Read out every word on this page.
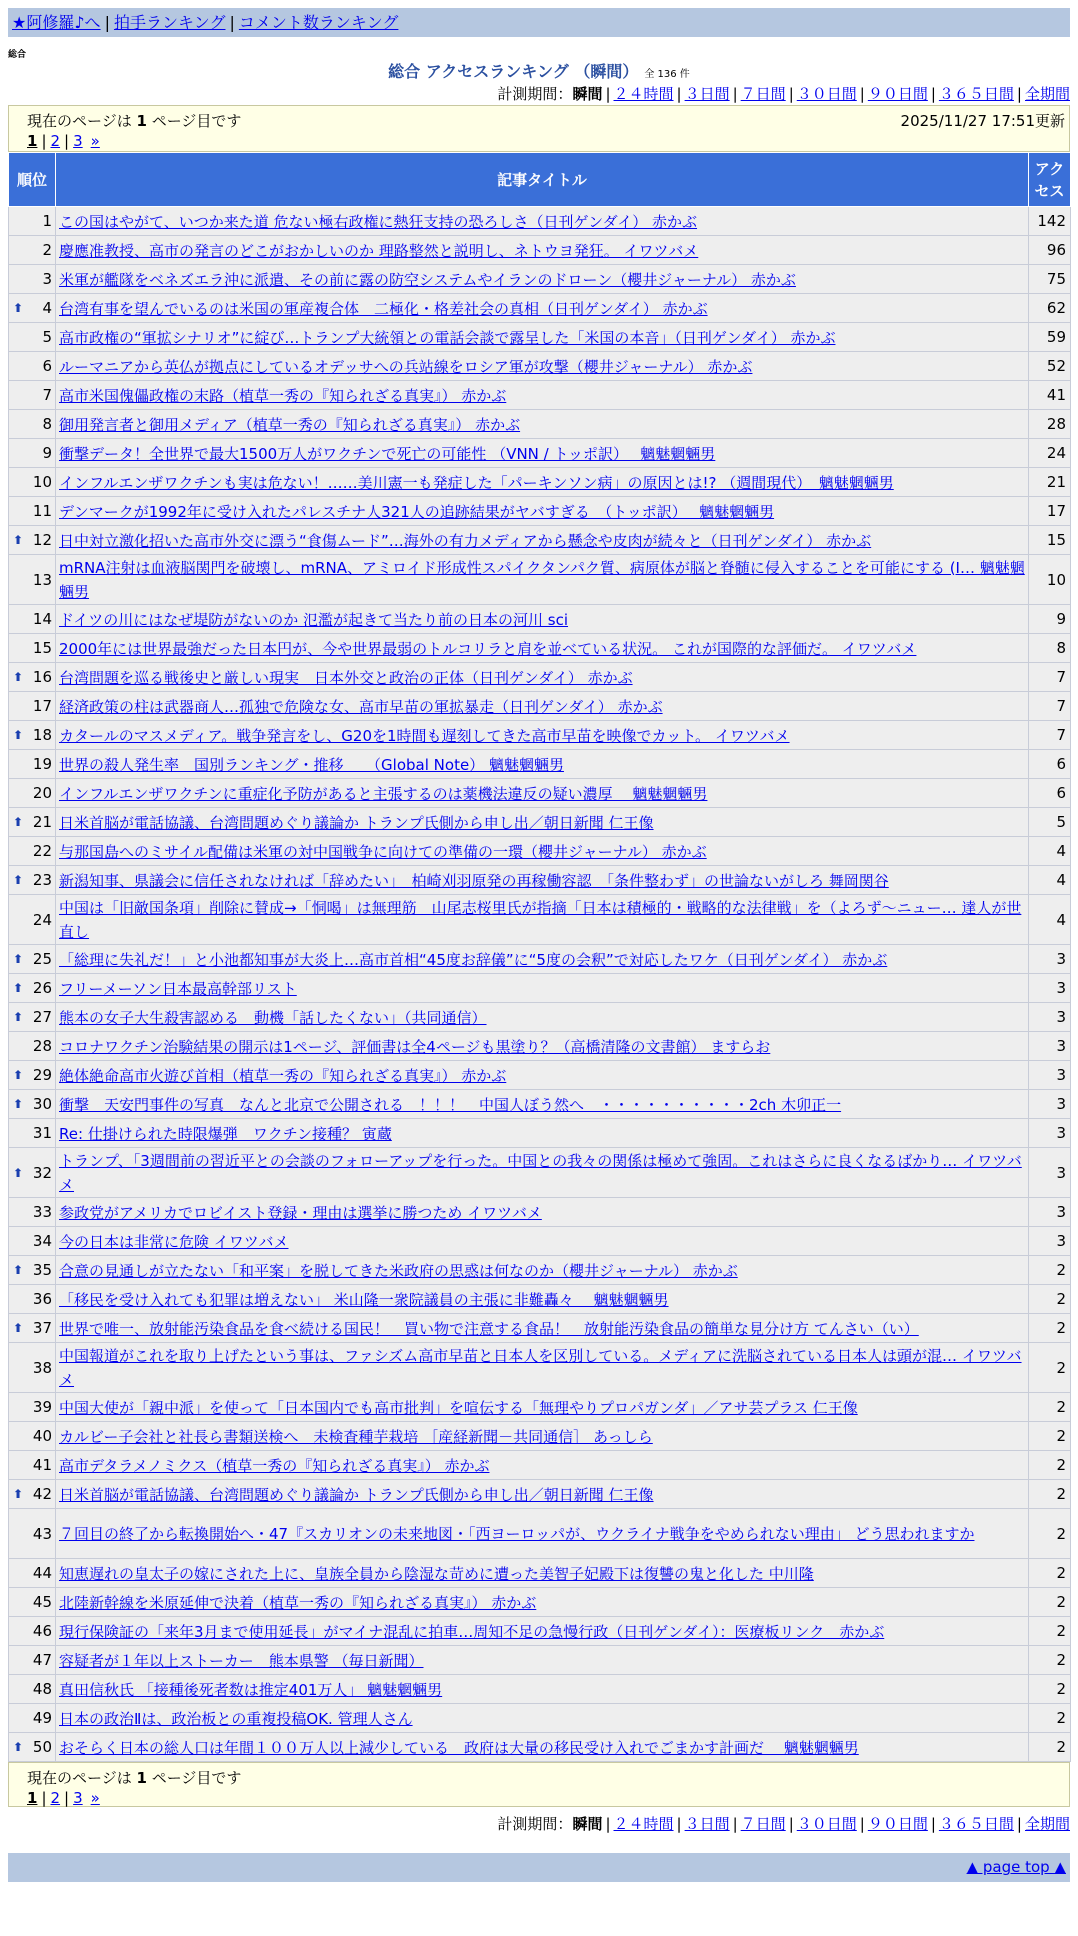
★阿修羅♪へ | 拍手ランキング | コメント数ランキング
総合
総合 アクセスランキング （瞬間） 全 136 件
計測期間：瞬間 | ２４時間 | ３日間 | ７日間 | ３０日間 | ９０日間 | ３６５日間 | 全期間
現在のページは 1 ページ目です	2025/11/27 17:51更新
1 | 2 | 3 »
順位	記事タイトル	アクセス
1	この国はやがて、いつか来た道 危ない極右政権に熱狂支持の恐ろしさ（日刊ゲンダイ） 赤かぶ	142
2	慶應准教授、高市の発言のどこがおかしいのか 理路整然と説明し、ネトウヨ発狂。 イワツバメ	96
3	米軍が艦隊をベネズエラ沖に派遣、その前に露の防空システムやイランのドローン（櫻井ジャーナル） 赤かぶ	75

⬆ 4	台湾有事を望んでいるのは米国の軍産複合体　二極化・格差社会の真相（日刊ゲンダイ） 赤かぶ	62
5	高市政権の“軍拡シナリオ”に綻び…トランプ大統領との電話会談で露呈した「米国の本音」（日刊ゲンダイ） 赤かぶ	59
6	ルーマニアから英仏が拠点にしているオデッサへの兵站線をロシア軍が攻撃（櫻井ジャーナル） 赤かぶ	52
7	高市米国傀儡政権の末路（植草一秀の『知られざる真実』） 赤かぶ	41
8	御用発言者と御用メディア（植草一秀の『知られざる真実』） 赤かぶ	28
9	衝撃データ！全世界で最大1500万人がワクチンで死亡の可能性 （VNN / トッポ訳）　 魑魅魍魎男	24
10	インフルエンザワクチンも実は危ない！……美川憲一も発症した「パーキンソン病」の原因とは!? （週間現代）　魑魅魍魎男	21
11	デンマークが1992年に受け入れたパレスチナ人321人の追跡結果がヤバすぎる　（トッポ訳）　 魑魅魍魎男	17

⬆ 12	日中対立激化招いた高市外交に漂う“食傷ムード”…海外の有力メディアから懸念や皮肉が続々と（日刊ゲンダイ） 赤かぶ	15
13	mRNA注射は血液脳関門を破壊し、mRNA、アミロイド形成性スパイクタンパク質、病原体が脳と脊髄に侵入することを可能にする (I… 魑魅魍魎男	10
14	ドイツの川にはなぜ堤防がないのか 氾濫が起きて当たり前の日本の河川 sci	9
15	2000年には世界最強だった日本円が、今や世界最弱のトルコリラと肩を並べている状況。 これが国際的な評価だ。 イワツバメ	8

⬆ 16	台湾問題を巡る戦後史と厳しい現実　日本外交と政治の正体（日刊ゲンダイ） 赤かぶ	7
17	経済政策の柱は武器商人…孤独で危険な女、高市早苗の軍拡暴走（日刊ゲンダイ） 赤かぶ	7

⬆ 18	カタールのマスメディア。戦争発言をし、G20を1時間も遅刻してきた高市早苗を映像でカット。 イワツバメ	7
19	世界の殺人発生率　国別ランキング・推移　　（Global Note） 魑魅魍魎男	6
20	インフルエンザワクチンに重症化予防があると主張するのは薬機法違反の疑い濃厚　 魑魅魍魎男	6

⬆ 21	日米首脳が電話協議、台湾問題めぐり議論か トランプ氏側から申し出／朝日新聞 仁王像	5
22	与那国島へのミサイル配備は米軍の対中国戦争に向けての準備の一環（櫻井ジャーナル） 赤かぶ	4

⬆ 23	新潟知事、県議会に信任されなければ「辞めたい」　柏崎刈羽原発の再稼働容認　「条件整わず」の世論ないがしろ 舞岡関谷	4
24	中国は「旧敵国条項」削除に賛成→「恫喝」は無理筋　山尾志桜里氏が指摘「日本は積極的・戦略的な法律戦」を（よろず～ニュー… 達人が世直し	4

⬆ 25	「総理に失礼だ！」と小池都知事が大炎上…高市首相“45度お辞儀”に“5度の会釈”で対応したワケ（日刊ゲンダイ） 赤かぶ	3

⬆ 26	フリーメーソン日本最高幹部リスト	3

⬆ 27	熊本の女子大生殺害認める　動機「話したくない」（共同通信）	3
28	コロナワクチン治験結果の開示は1ページ、評価書は全4ページも黒塗り？（高橋清隆の文書館） ますらお	3

⬆ 29	絶体絶命高市火遊び首相（植草一秀の『知られざる真実』） 赤かぶ	3

⬆ 30	衝撃　天安門事件の写真　なんと北京で公開される　！！！　中国人ぼう然へ　・・・・・・・・・・2ch 木卯正一	3
31	Re: 仕掛けられた時限爆弾　ワクチン接種？ 寅蔵	3

⬆ 32	トランプ、「3週間前の習近平との会談のフォローアップを行った。中国との我々の関係は極めて強固。これはさらに良くなるばかり… イワツバメ	3
33	参政党がアメリカでロビイスト登録・理由は選挙に勝つため イワツバメ	3
34	今の日本は非常に危険 イワツバメ	3

⬆ 35	合意の見通しが立たない「和平案」を脱してきた米政府の思惑は何なのか（櫻井ジャーナル） 赤かぶ	2
36	「移民を受け入れても犯罪は増えない」 米山隆一衆院議員の主張に非難轟々　 魑魅魍魎男	2

⬆ 37	世界で唯一、放射能汚染食品を食べ続ける国民！　買い物で注意する食品！　放射能汚染食品の簡単な見分け方 てんさい（い）	2
38	中国報道がこれを取り上げたという事は、ファシズム高市早苗と日本人を区別している。メディアに洗脳されている日本人は頭が混… イワツバメ	2
39	中国大使が「親中派」を使って「日本国内でも高市批判」を喧伝する「無理やりプロパガンダ」／アサ芸プラス 仁王像	2
40	カルビー子会社と社長ら書類送検へ　未検査種芋栽培 ［産経新聞－共同通信］ あっしら	2
41	高市デタラメノミクス（植草一秀の『知られざる真実』） 赤かぶ	2

⬆ 42	日米首脳が電話協議、台湾問題めぐり議論か トランプ氏側から申し出／朝日新聞 仁王像	2
43	７回目の終了から転換開始へ・47『スカリオンの未来地図・「西ヨーロッパが、ウクライナ戦争をやめられない理由」 どう思われますか	2
44	知恵遅れの皇太子の嫁にされた上に、皇族全員から陰湿な苛めに遭った美智子妃殿下は復讐の鬼と化した 中川隆	2
45	北陸新幹線を米原延伸で決着（植草一秀の『知られざる真実』） 赤かぶ	2
46	現行保険証の「来年3月まで使用延長」がマイナ混乱に拍車…周知不足の急慢行政（日刊ゲンダイ）：医療板リンク　赤かぶ	2
47	容疑者が１年以上ストーカー　熊本県警 （毎日新聞）	2
48	真田信秋氏 「接種後死者数は推定401万人」 魑魅魍魎男	2
49	日本の政治Ⅱは、政治板との重複投稿OK. 管理人さん	2

⬆ 50	おそらく日本の総人口は年間１００万人以上減少している　政府は大量の移民受け入れでごまかす計画だ　 魑魅魍魎男	2
現在のページは 1 ページ目です
1 | 2 | 3 »
計測期間：瞬間 | ２４時間 | ３日間 | ７日間 | ３０日間 | ９０日間 | ３６５日間 | 全期間
▲ page top ▲
